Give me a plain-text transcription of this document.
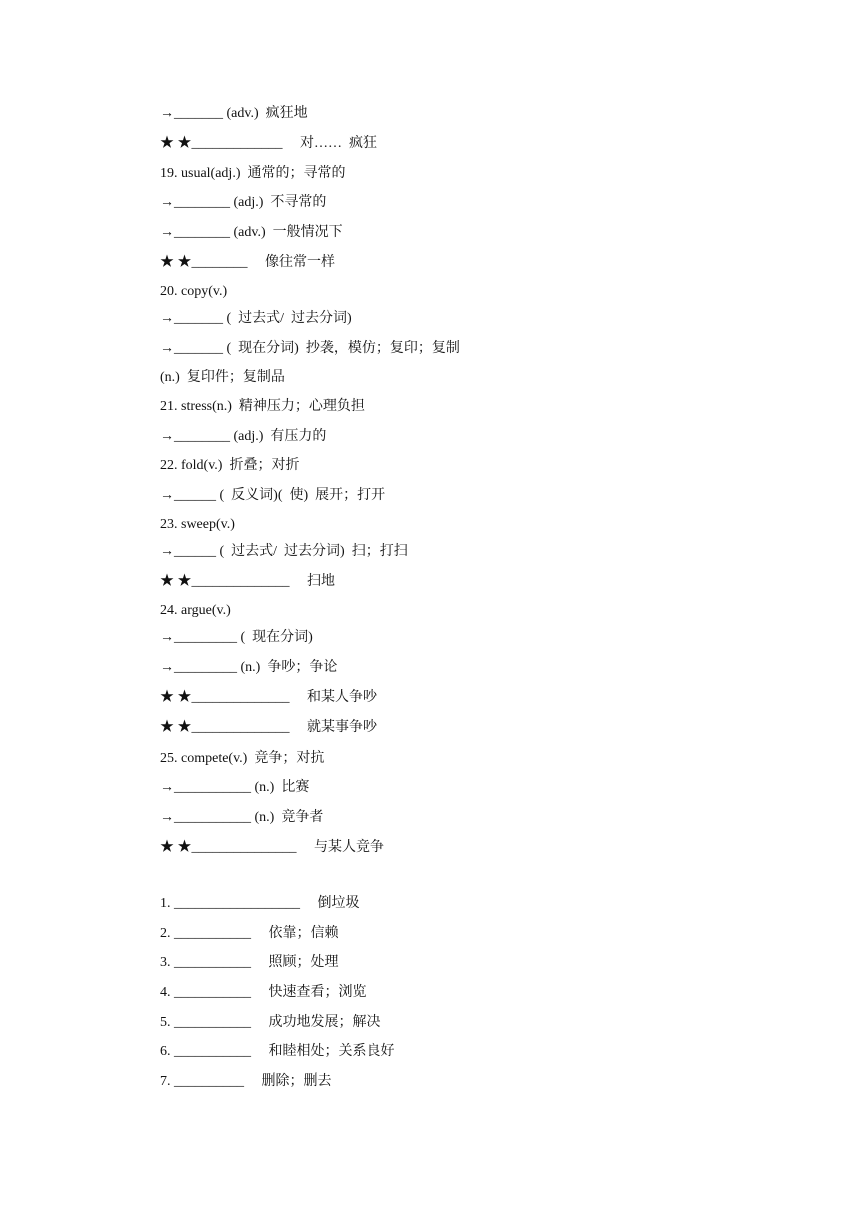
→_______ (adv.)  疯狂地
★ ★_____________     对……  疯狂
19. usual(adj.)  通常的；寻常的
→________ (adj.)  不寻常的
→________ (adv.)  一般情况下
★ ★________     像往常一样
20. copy(v.)
→_______ (  过去式/  过去分词)
→_______ (  现在分词)  抄袭，模仿；复印；复制
(n.)  复印件；复制品
21. stress(n.)  精神压力；心理负担
→________ (adj.)  有压力的
22. fold(v.)  折叠；对折
→______ (  反义词)(  使)  展开；打开
23. sweep(v.)
→______ (  过去式/  过去分词)  扫；打扫
★ ★______________     扫地
24. argue(v.)
→_________ (  现在分词)
→_________ (n.)  争吵；争论
★ ★______________     和某人争吵
★ ★______________     就某事争吵
25. compete(v.)  竞争；对抗
→___________ (n.)  比赛
→___________ (n.)  竞争者
★ ★_______________     与某人竞争
1. __________________     倒垃圾
2. ___________     依靠；信赖
3. ___________     照顾；处理
4. ___________     快速查看；浏览
5. ___________     成功地发展；解决
6. ___________     和睦相处；关系良好
7. __________     删除；删去
